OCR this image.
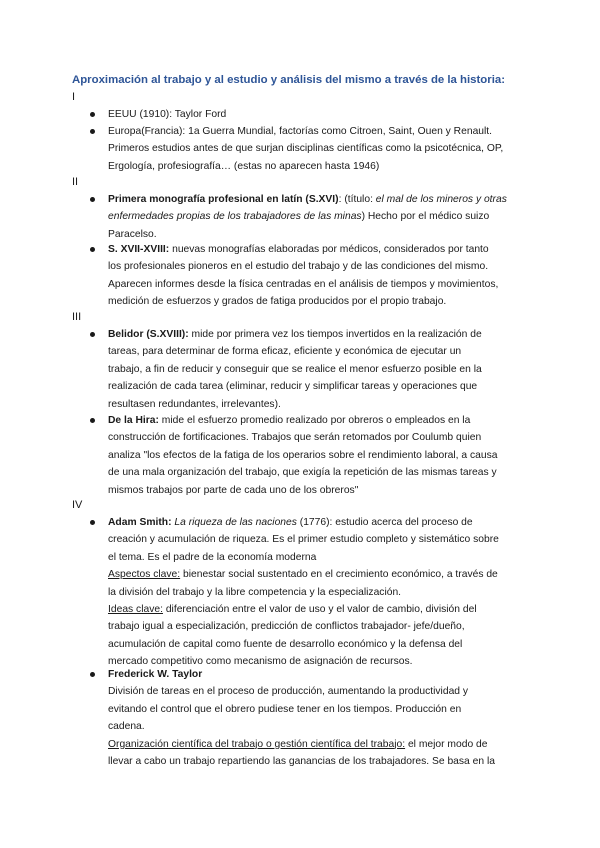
Aproximación al trabajo y al estudio y análisis del mismo a través de la historia:
I
EEUU (1910): Taylor Ford
Europa(Francia): 1a Guerra Mundial, factorías como Citroen, Saint, Ouen y Renault.
Primeros estudios antes de que surjan disciplinas científicas como la psicotécnica, OP,
Ergología, profesiografía… (estas no aparecen hasta 1946)
II
Primera monografía profesional en latín (S.XVI): (título: el mal de los mineros y otras
enfermedades propias de los trabajadores de las minas) Hecho por el médico suizo
Paracelso.
S. XVII-XVIII: nuevas monografías elaboradas por médicos, considerados por tanto
los profesionales pioneros en el estudio del trabajo y de las condiciones del mismo.
Aparecen informes desde la física centradas en el análisis de tiempos y movimientos,
medición de esfuerzos y grados de fatiga producidos por el propio trabajo.
III
Belidor (S.XVIII): mide por primera vez los tiempos invertidos en la realización de
tareas, para determinar de forma eficaz, eficiente y económica de ejecutar un
trabajo, a fin de reducir y conseguir que se realice el menor esfuerzo posible en la
realización de cada tarea (eliminar, reducir y simplificar tareas y operaciones que
resultasen redundantes, irrelevantes).
De la Hira: mide el esfuerzo promedio realizado por obreros o empleados en la
construcción de fortificaciones. Trabajos que serán retomados por Coulumb quien
analiza "los efectos de la fatiga de los operarios sobre el rendimiento laboral, a causa
de una mala organización del trabajo, que exigía la repetición de las mismas tareas y
mismos trabajos por parte de cada uno de los obreros"
IV
Adam Smith: La riqueza de las naciones (1776): estudio acerca del proceso de
creación y acumulación de riqueza. Es el primer estudio completo y sistemático sobre
el tema. Es el padre de la economía moderna
Aspectos clave: bienestar social sustentado en el crecimiento económico, a través de
la división del trabajo y la libre competencia y la especialización.
Ideas clave: diferenciación entre el valor de uso y el valor de cambio, división del
trabajo igual a especialización, predicción de conflictos trabajador- jefe/dueño,
acumulación de capital como fuente de desarrollo económico y la defensa del
mercado competitivo como mecanismo de asignación de recursos.
Frederick W. Taylor
División de tareas en el proceso de producción, aumentando la productividad y
evitando el control que el obrero pudiese tener en los tiempos. Producción en
cadena.
Organización científica del trabajo o gestión científica del trabajo: el mejor modo de
llevar a cabo un trabajo repartiendo las ganancias de los trabajadores. Se basa en la
